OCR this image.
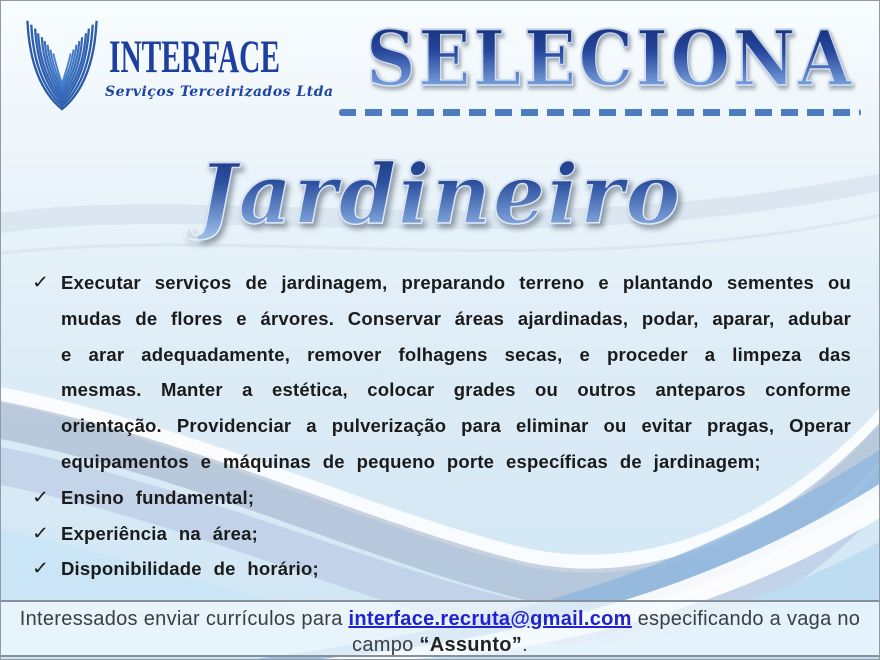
INTERFACE
Serviços Terceirizados Ltda SELECIONA
Jardineiro
✓ Executar serviços de jardinagem, preparando terreno e plantando sementes ou mudas de flores e árvores. Conservar áreas ajardinadas, podar, aparar, adubar e arar adequadamente, remover folhagens secas, e proceder a limpeza das mesmas. Manter a estética, colocar grades ou outros anteparos conforme orientação. Providenciar a pulverização para eliminar ou evitar pragas, Operar equipamentos e máquinas de pequeno porte específicas de jardinagem;
✓ Ensino fundamental;
✓ Experiência na área;
✓ Disponibilidade de horário;

Interessados enviar currículos para interface.recruta@gmail.com especificando a vaga no
campo “Assunto”.
